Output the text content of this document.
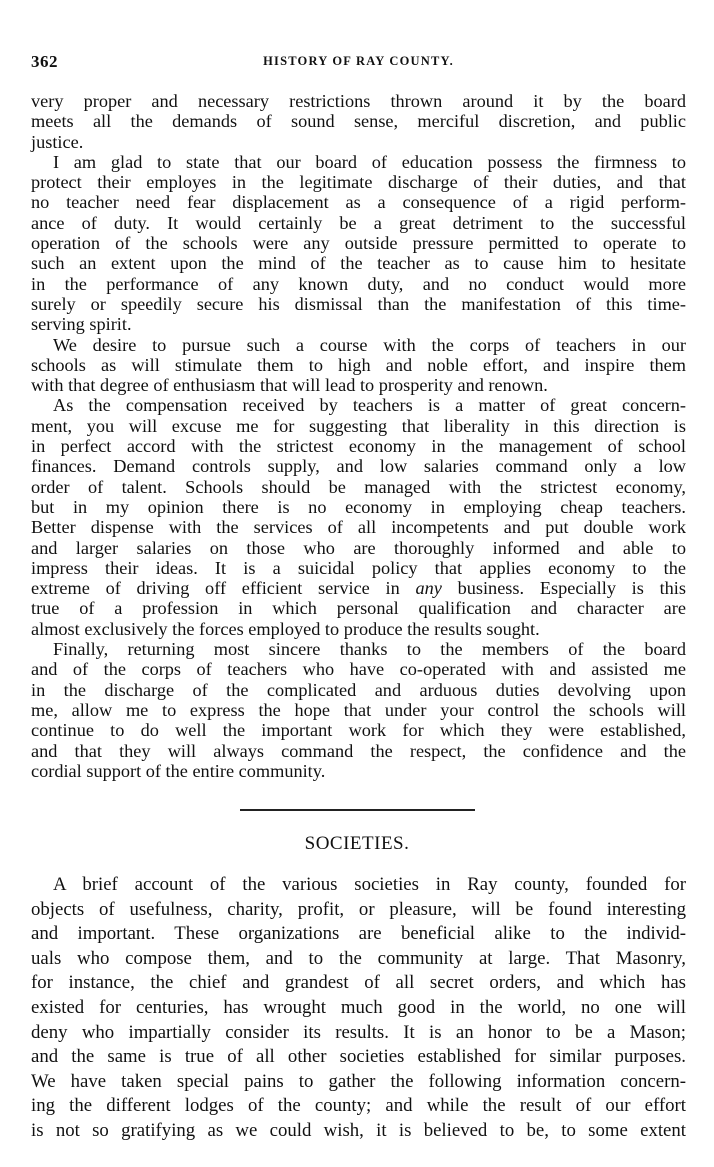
362	HISTORY OF RAY COUNTY.
very proper and necessary restrictions thrown around it by the board
meets all the demands of sound sense, merciful discretion, and public
justice.
I am glad to state that our board of education possess the firmness to
protect their employes in the legitimate discharge of their duties, and that
no teacher need fear displacement as a consequence of a rigid perform-
ance of duty. It would certainly be a great detriment to the successful
operation of the schools were any outside pressure permitted to operate to
such an extent upon the mind of the teacher as to cause him to hesitate
in the performance of any known duty, and no conduct would more
surely or speedily secure his dismissal than the manifestation of this time-
serving spirit.
We desire to pursue such a course with the corps of teachers in our
schools as will stimulate them to high and noble effort, and inspire them
with that degree of enthusiasm that will lead to prosperity and renown.
As the compensation received by teachers is a matter of great concern-
ment, you will excuse me for suggesting that liberality in this direction is
in perfect accord with the strictest economy in the management of school
finances. Demand controls supply, and low salaries command only a low
order of talent. Schools should be managed with the strictest economy,
but in my opinion there is no economy in employing cheap teachers.
Better dispense with the services of all incompetents and put double work
and larger salaries on those who are thoroughly informed and able to
impress their ideas. It is a suicidal policy that applies economy to the
extreme of driving off efficient service in any business. Especially is this
true of a profession in which personal qualification and character are
almost exclusively the forces employed to produce the results sought.
Finally, returning most sincere thanks to the members of the board
and of the corps of teachers who have co-operated with and assisted me
in the discharge of the complicated and arduous duties devolving upon
me, allow me to express the hope that under your control the schools will
continue to do well the important work for which they were established,
and that they will always command the respect, the confidence and the
cordial support of the entire community.
SOCIETIES.
A brief account of the various societies in Ray county, founded for
objects of usefulness, charity, profit, or pleasure, will be found interesting
and important. These organizations are beneficial alike to the individ-
uals who compose them, and to the community at large. That Masonry,
for instance, the chief and grandest of all secret orders, and which has
existed for centuries, has wrought much good in the world, no one will
deny who impartially consider its results. It is an honor to be a Mason;
and the same is true of all other societies established for similar purposes.
We have taken special pains to gather the following information concern-
ing the different lodges of the county; and while the result of our effort
is not so gratifying as we could wish, it is believed to be, to some extent
